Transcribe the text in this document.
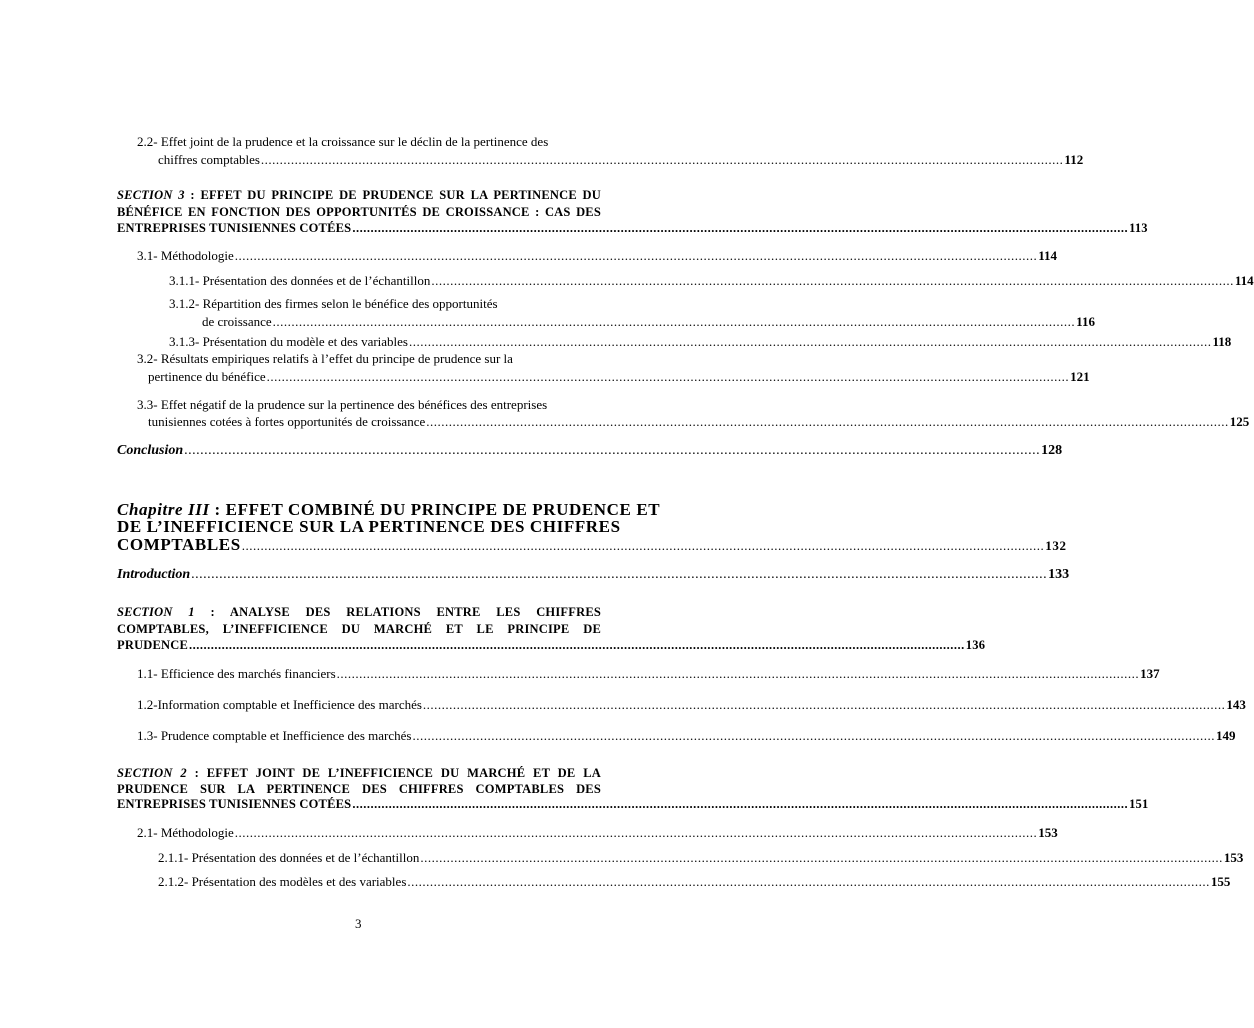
2.2- Effet joint de la prudence et la croissance sur le déclin de la pertinence des
chiffres comptables .....	112
SECTION 3 : EFFET DU PRINCIPE DE PRUDENCE SUR LA PERTINENCE DU
BÉNÉFICE EN FONCTION DES OPPORTUNITÉS DE CROISSANCE : CAS DES
ENTREPRISES TUNISIENNES COTÉES .....	113
3.1- Méthodologie .....	114
3.1.1- Présentation des données et de l’échantillon .....	114
3.1.2- Répartition des firmes selon le bénéfice des opportunités
de croissance .....	116
3.1.3- Présentation du modèle et des variables .....	118
3.2- Résultats empiriques relatifs à l’effet du principe de prudence sur la
pertinence du bénéfice .....	121
3.3- Effet négatif de la prudence sur la pertinence des bénéfices des entreprises
tunisiennes cotées à fortes opportunités de croissance .....	125
Conclusion .....	128
Chapitre III : EFFET COMBINÉ DU PRINCIPE DE PRUDENCE ET
DE L’INEFFICIENCE SUR LA PERTINENCE DES CHIFFRES
COMPTABLES .....	132
Introduction .....	133
SECTION 1 : ANALYSE DES RELATIONS ENTRE LES CHIFFRES
COMPTABLES, L’INEFFICIENCE DU MARCHÉ ET LE PRINCIPE DE
PRUDENCE .....	136
1.1- Efficience des marchés financiers .....	137
1.2-Information comptable et Inefficience des marchés .....	143
1.3- Prudence comptable et Inefficience des marchés .....	149
SECTION 2 : EFFET JOINT DE L’INEFFICIENCE DU MARCHÉ ET DE LA
PRUDENCE SUR LA PERTINENCE DES CHIFFRES COMPTABLES DES
ENTREPRISES TUNISIENNES COTÉES .....	151
2.1- Méthodologie .....	153
2.1.1- Présentation des données et de l’échantillon .....	153
2.1.2- Présentation des modèles et des variables .....	155
3
